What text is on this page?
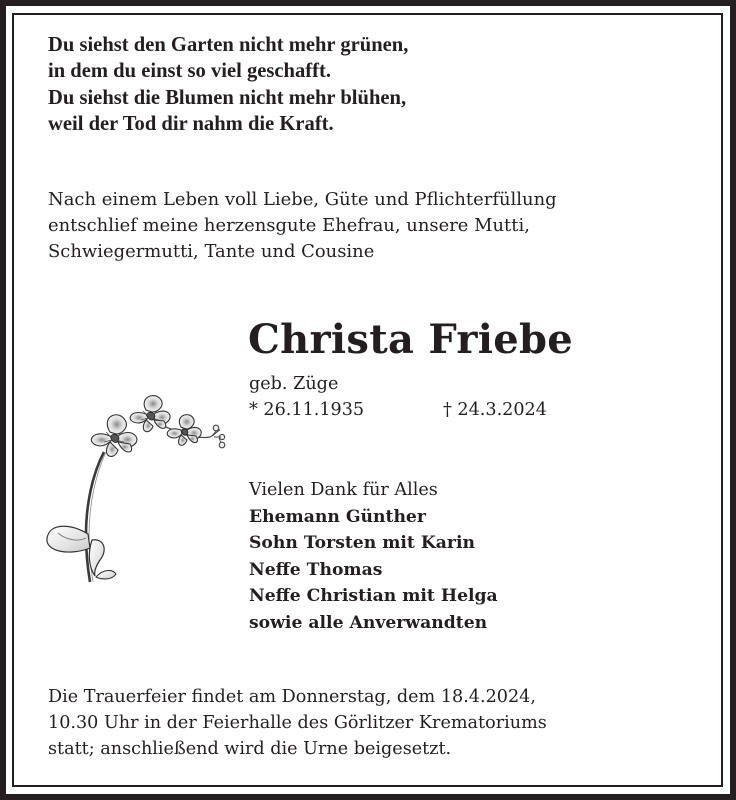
Du siehst den Garten nicht mehr grünen,
in dem du einst so viel geschafft.
Du siehst die Blumen nicht mehr blühen,
weil der Tod dir nahm die Kraft.
Nach einem Leben voll Liebe, Güte und Pflichterfüllung
entschlief meine herzensgute Ehefrau, unsere Mutti,
Schwiegermutti, Tante und Cousine
Christa Friebe
geb. Züge
* 26.11.1935	† 24.3.2024
Vielen Dank für Alles
Ehemann Günther
Sohn Torsten mit Karin
Neffe Thomas
Neffe Christian mit Helga
sowie alle Anverwandten
Die Trauerfeier findet am Donnerstag, dem 18.4.2024,
10.30 Uhr in der Feierhalle des Görlitzer Krematoriums
statt; anschließend wird die Urne beigesetzt.
